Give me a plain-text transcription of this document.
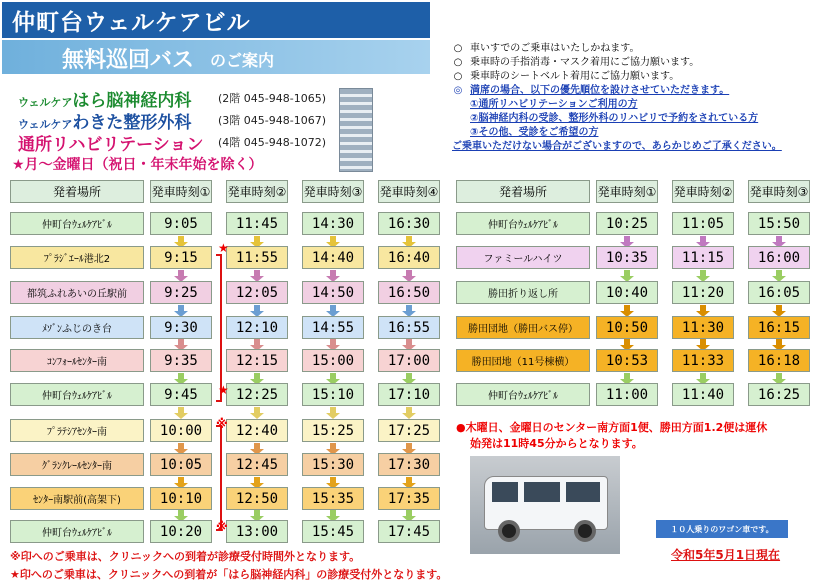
仲町台ウェルケアビル
無料巡回バス のご案内
ウェルケアはら脳神経内科 (2階 045-948-1065)
ウェルケアわきた整形外科 (3階 045-948-1067)
通所リハビリテーション (4階 045-948-1072)
★月～金曜日（祝日・年末年始を除く）
○ 車いすでのご乗車はいたしかねます。
○ 乗車時の手指消毒・マスク着用にご協力願います。
○ 乗車時のシートベルト着用にご協力願います。
◎ 満席の場合、以下の優先順位を設けさせていただきます。
①通所リハビリテーションご利用の方
②脳神経内科の受診、整形外科のリハビリで予約をされている方
③その他、受診をご希望の方
ご乗車いただけない場合がございますので、あらかじめご了承ください。
発着場所	発車時刻① 発車時刻② 発車時刻③ 発車時刻④
仲町台ｳｪﾙｹｱﾋﾞﾙ	9:05	11:45	14:30	16:30
ﾌﾟﾗｼﾞｴｰﾙ港北2	9:15	11:55	14:40	16:40
都筑ふれあいの丘駅前	9:25	12:05	14:50	16:50
ﾒｿﾞﾝふじのき台	9:30	12:10	14:55	16:55
ｺﾝﾌｫｰﾙｾﾝﾀｰ南	9:35	12:15	15:00	17:00
仲町台ｳｪﾙｹｱﾋﾞﾙ	9:45	12:25	15:10	17:10
ﾌﾟﾗﾃｼｱｾﾝﾀｰ南	10:00	12:40	15:25	17:25
ｸﾞﾗﾝｸﾚｰﾙｾﾝﾀｰ南	10:05	12:45	15:30	17:30
ｾﾝﾀｰ南駅前(高架下)	10:10	12:50	15:35	17:35
仲町台ｳｪﾙｹｱﾋﾞﾙ	10:20	13:00	15:45	17:45
発着場所	発車時刻① 発車時刻② 発車時刻③
仲町台ｳｪﾙｹｱﾋﾞﾙ	10:25	11:05	15:50
ファミールハイツ	10:35	11:15	16:00
勝田折り返し所	10:40	11:20	16:05
勝田団地（勝田バス停）	10:50	11:30	16:15
勝田団地（11号棟横）	10:53	11:33	16:18
仲町台ｳｪﾙｹｱﾋﾞﾙ	11:00	11:40	16:25
★
★
※
※
●木曜日、金曜日のセンター南方面1便、勝田方面1.2便は運休
始発は11時45分からとなります。
１０人乗りのワゴン車です。
令和5年5月1日現在
※印へのご乗車は、クリニックへの到着が診療受付時間外となります。
★印へのご乗車は、クリニックへの到着が「はら脳神経内科」の診療受付外となります。
